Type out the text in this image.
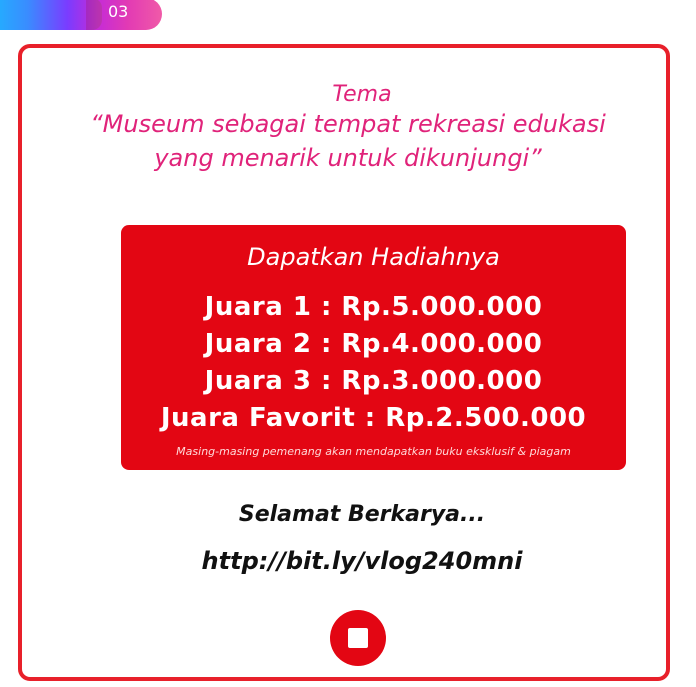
03
Tema
“Museum sebagai tempat rekreasi edukasi
yang menarik untuk dikunjungi”
Dapatkan Hadiahnya
Juara 1 : Rp.5.000.000
Juara 2 : Rp.4.000.000
Juara 3 : Rp.3.000.000
Juara Favorit : Rp.2.500.000
Masing-masing pemenang akan mendapatkan buku eksklusif & piagam
Selamat Berkarya...
http://bit.ly/vlog240mni
